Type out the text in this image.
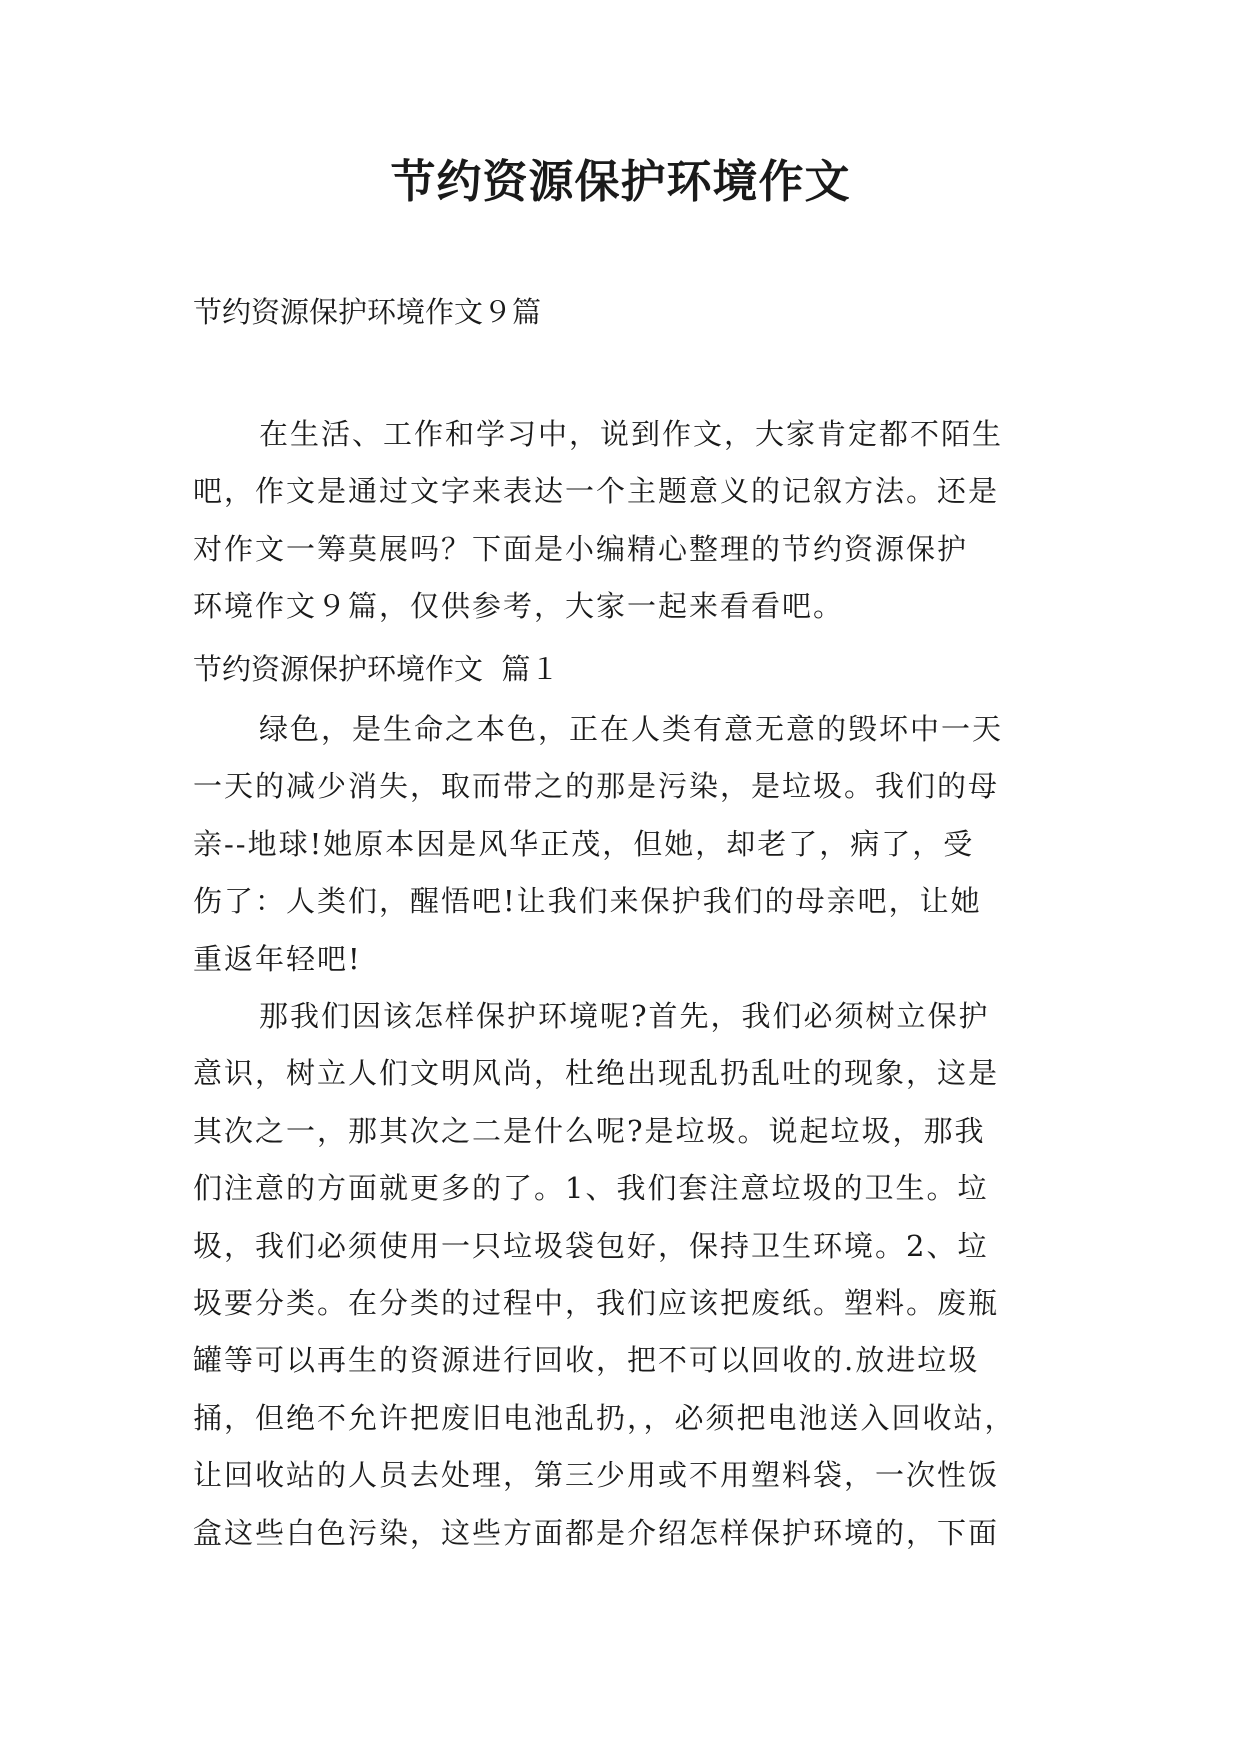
节约资源保护环境作文
节约资源保护环境作文９篇
在生活、工作和学习中，说到作文，大家肯定都不陌生
吧，作文是通过文字来表达一个主题意义的记叙方法。还是
对作文一筹莫展吗？下面是小编精心整理的节约资源保护
环境作文９篇，仅供参考，大家一起来看看吧。
节约资源保护环境作文  篇１
绿色，是生命之本色，正在人类有意无意的毁坏中一天
一天的减少消失，取而带之的那是污染，是垃圾。我们的母
亲--地球!她原本因是风华正茂，但她，却老了，病了，受
伤了：人类们，醒悟吧!让我们来保护我们的母亲吧，让她
重返年轻吧!
那我们因该怎样保护环境呢?首先，我们必须树立保护
意识，树立人们文明风尚，杜绝出现乱扔乱吐的现象，这是
其次之一，那其次之二是什么呢?是垃圾。说起垃圾，那我
们注意的方面就更多的了。1、我们套注意垃圾的卫生。垃
圾，我们必须使用一只垃圾袋包好，保持卫生环境。2、垃
圾要分类。在分类的过程中，我们应该把废纸。塑料。废瓶
罐等可以再生的资源进行回收，把不可以回收的.放进垃圾
捅，但绝不允许把废旧电池乱扔，，必须把电池送入回收站，
让回收站的人员去处理，第三少用或不用塑料袋，一次性饭
盒这些白色污染，这些方面都是介绍怎样保护环境的，下面
